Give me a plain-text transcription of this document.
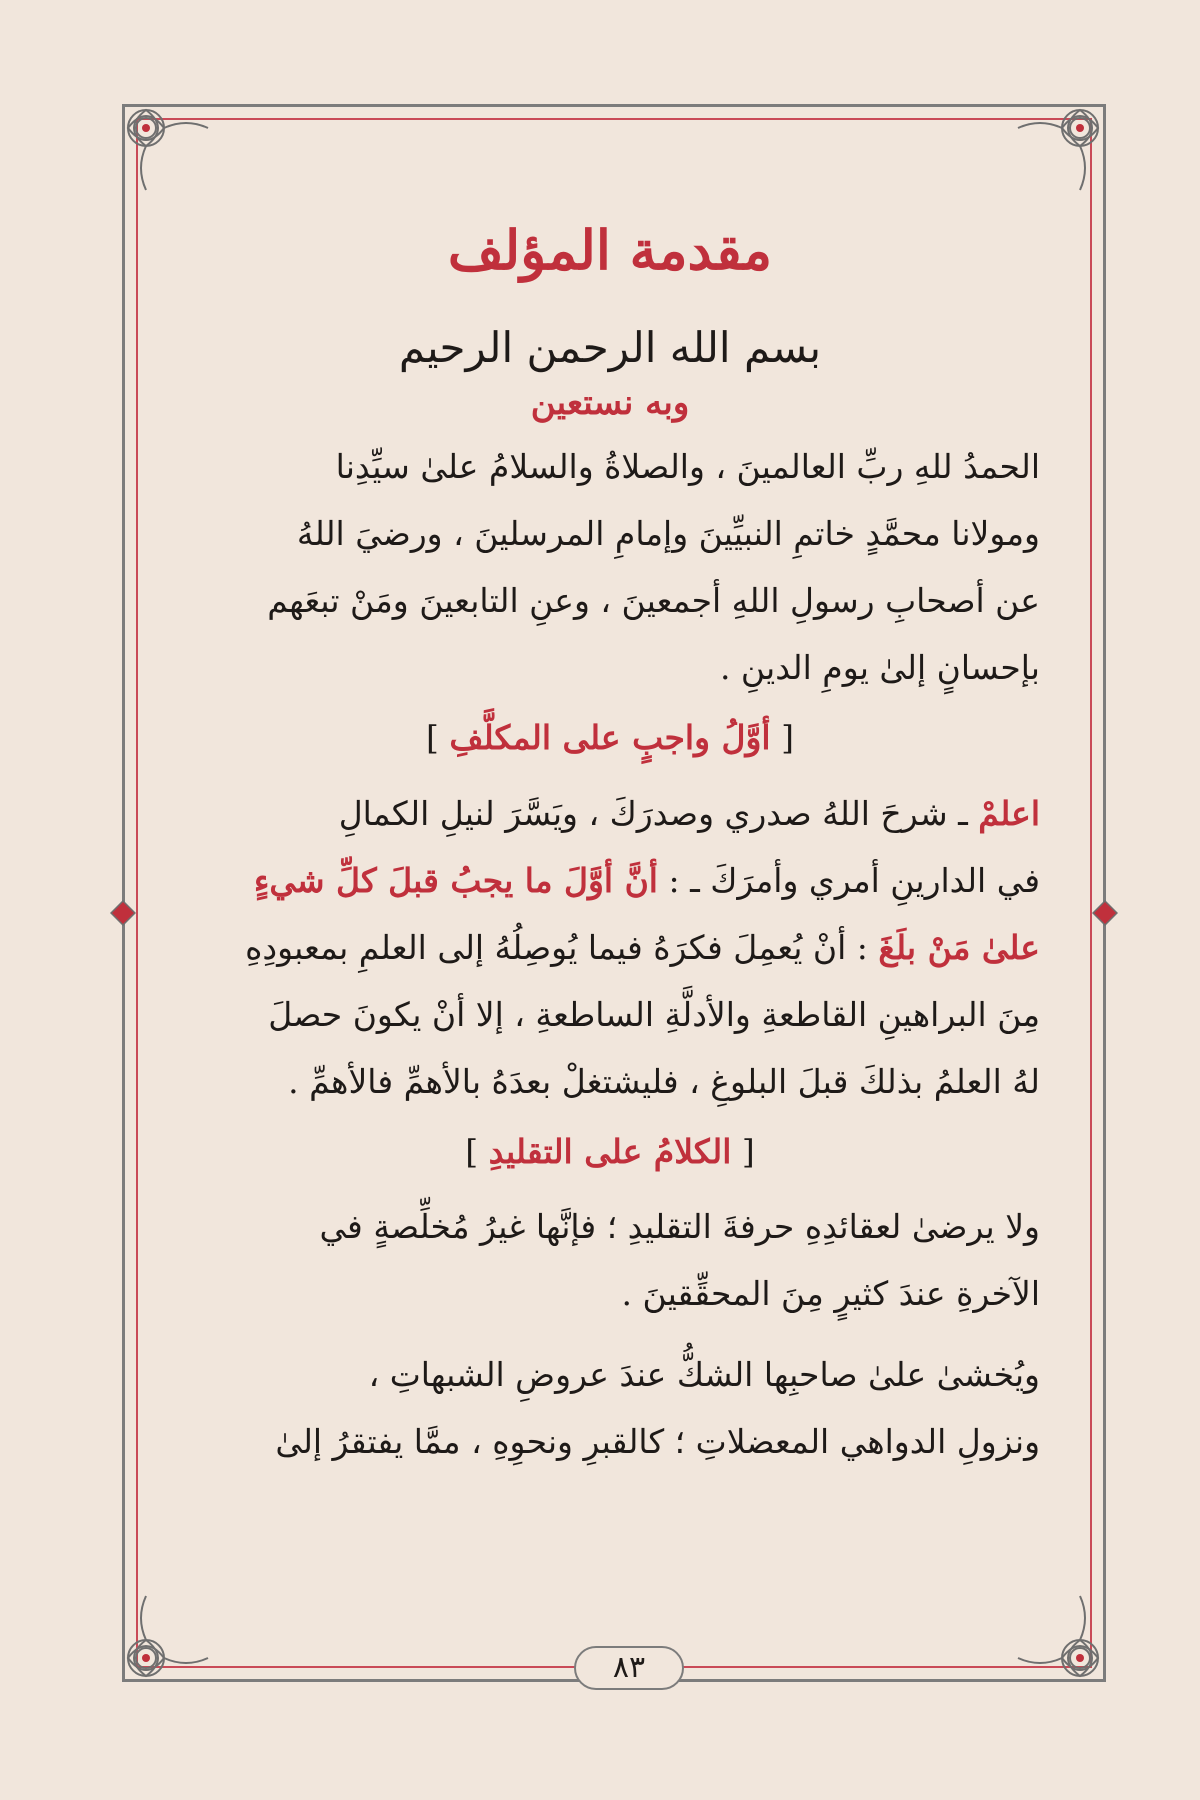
مقدمة المؤلف
بسم الله الرحمن الرحيم
وبه نستعين

الحمدُ للهِ ربِّ العالمينَ ، والصلاةُ والسلامُ علىٰ سيِّدِنا

ومولانا محمَّدٍ خاتمِ النبيِّينَ وإمامِ المرسلينَ ، ورضيَ اللهُ

عن أصحابِ رسولِ اللهِ أجمعينَ ، وعنِ التابعينَ ومَنْ تبعَهم

بإحسانٍ إلىٰ يومِ الدينِ .

[ أوَّلُ واجبٍ على المكلَّفِ ]

اعلمْ ـ شرحَ اللهُ صدري وصدرَكَ ، ويَسَّرَ لنيلِ الكمالِ

في الدارينِ أمري وأمرَكَ ـ : أنَّ أوَّلَ ما يجبُ قبلَ كلِّ شيءٍ

علىٰ مَنْ بلَغَ : أنْ يُعمِلَ فكرَهُ فيما يُوصِلُهُ إلى العلمِ بمعبودِهِ

مِنَ البراهينِ القاطعةِ والأدلَّةِ الساطعةِ ، إلا أنْ يكونَ حصلَ

لهُ العلمُ بذلكَ قبلَ البلوغِ ، فليشتغلْ بعدَهُ بالأهمِّ فالأهمِّ .

[ الكلامُ على التقليدِ ]

ولا يرضىٰ لعقائدِهِ حرفةَ التقليدِ ؛ فإنَّها غيرُ مُخلِّصةٍ في

الآخرةِ عندَ كثيرٍ مِنَ المحقِّقينَ .

ويُخشىٰ علىٰ صاحبِها الشكُّ عندَ عروضِ الشبهاتِ ،

ونزولِ الدواهي المعضلاتِ ؛ كالقبرِ ونحوِهِ ، ممَّا يفتقرُ إلىٰ

٨٣
